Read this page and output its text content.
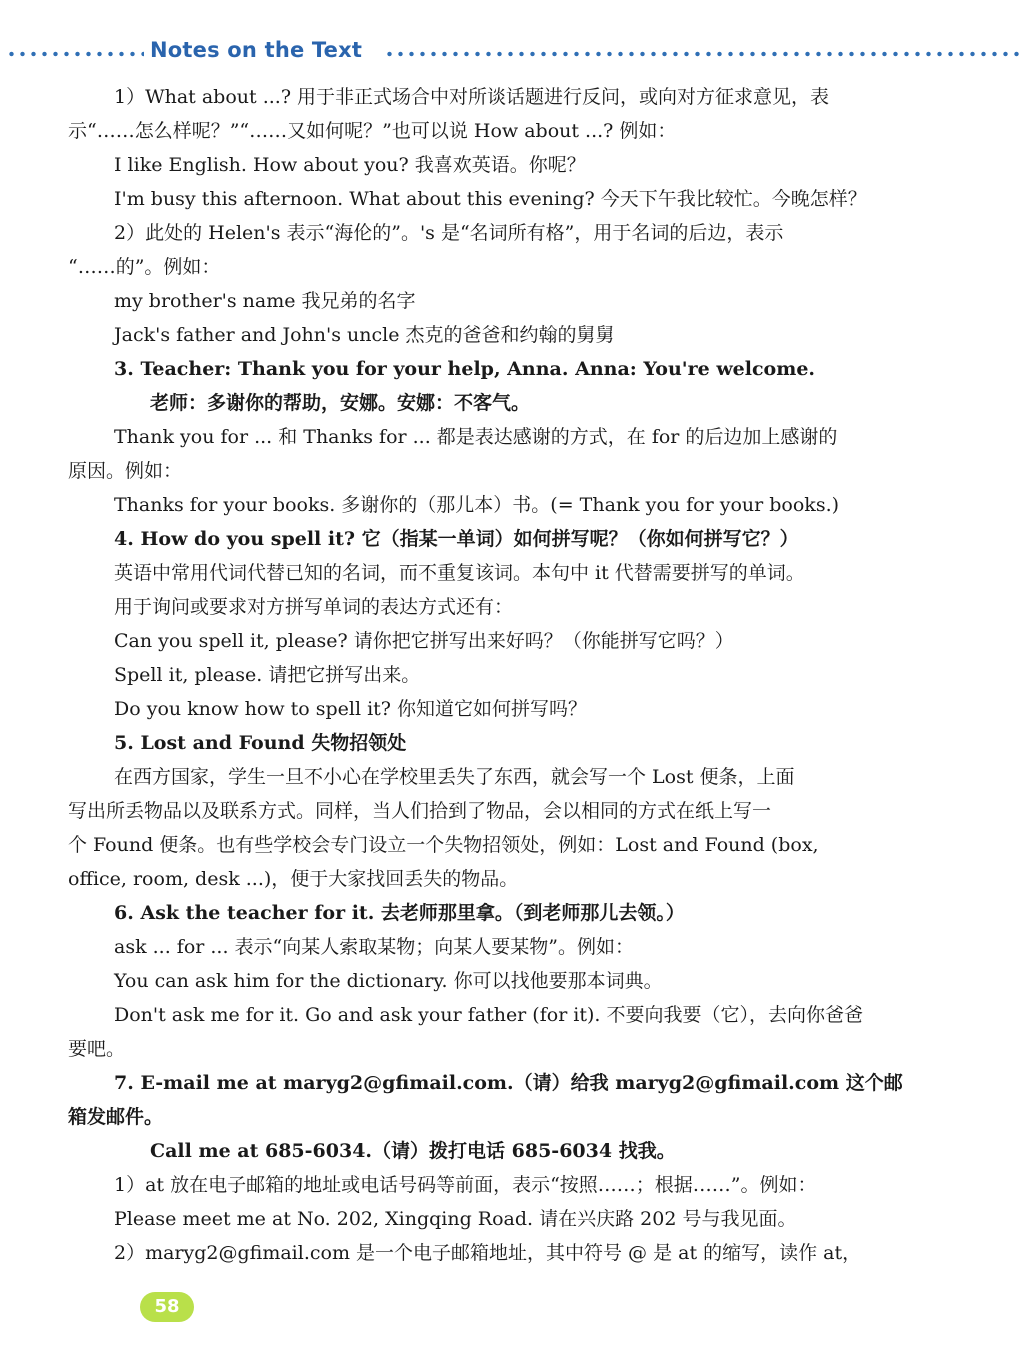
Notes on the Text

1）What about ...? 用于非正式场合中对所谈话题进行反问，或向对方征求意见，表

示“……怎么样呢？”“……又如何呢？”也可以说 How about ...? 例如：

I like English. How about you? 我喜欢英语。你呢？

I'm busy this afternoon. What about this evening? 今天下午我比较忙。今晚怎样？

2）此处的 Helen's 表示“海伦的”。's 是“名词所有格”，用于名词的后边，表示

“……的”。例如：

my brother's name 我兄弟的名字

Jack's father and John's uncle 杰克的爸爸和约翰的舅舅

3. Teacher: Thank you for your help, Anna. Anna: You're welcome.

老师：多谢你的帮助，安娜。安娜：不客气。

Thank you for ... 和 Thanks for ... 都是表达感谢的方式，在 for 的后边加上感谢的

原因。例如：

Thanks for your books. 多谢你的（那儿本）书。(= Thank you for your books.)

4. How do you spell it? 它（指某一单词）如何拼写呢？（你如何拼写它？）

英语中常用代词代替已知的名词，而不重复该词。本句中 it 代替需要拼写的单词。

用于询问或要求对方拼写单词的表达方式还有：

Can you spell it, please? 请你把它拼写出来好吗？（你能拼写它吗？）

Spell it, please. 请把它拼写出来。

Do you know how to spell it? 你知道它如何拼写吗？

5. Lost and Found 失物招领处

在西方国家，学生一旦不小心在学校里丢失了东西，就会写一个 Lost 便条，上面

写出所丢物品以及联系方式。同样，当人们拾到了物品，会以相同的方式在纸上写一

个 Found 便条。也有些学校会专门设立一个失物招领处，例如：Lost and Found (box,

office, room, desk ...)，便于大家找回丢失的物品。

6. Ask the teacher for it. 去老师那里拿。（到老师那儿去领。）

ask ... for ... 表示“向某人索取某物；向某人要某物”。例如：

You can ask him for the dictionary. 你可以找他要那本词典。

Don't ask me for it. Go and ask your father (for it). 不要向我要（它），去向你爸爸

要吧。

7. E-mail me at maryg2@gfimail.com.（请）给我 maryg2@gfimail.com 这个邮

箱发邮件。

Call me at 685-6034.（请）拨打电话 685-6034 找我。

1）at 放在电子邮箱的地址或电话号码等前面，表示“按照……；根据……”。例如：

Please meet me at No. 202, Xingqing Road. 请在兴庆路 202 号与我见面。

2）maryg2@gfimail.com 是一个电子邮箱地址，其中符号 @ 是 at 的缩写，读作 at，

58
